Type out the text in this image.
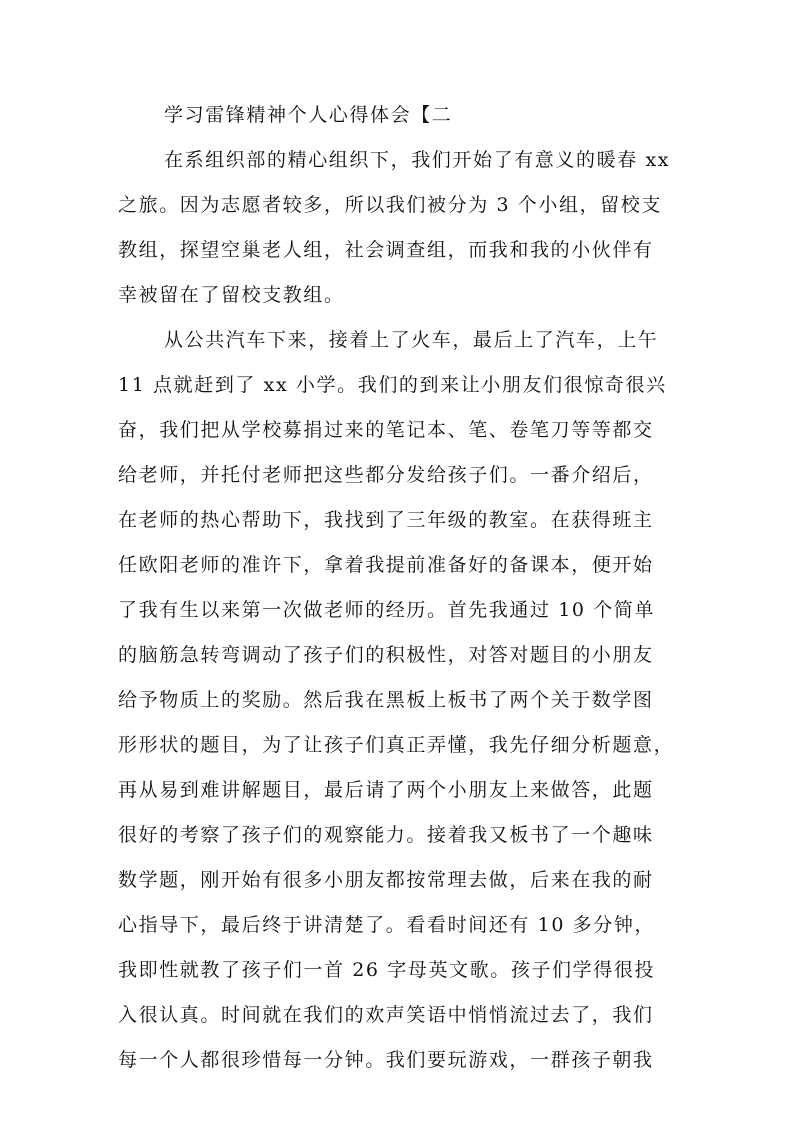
学习雷锋精神个人心得体会【二
在系组织部的精心组织下，我们开始了有意义的暖春 xx
之旅。因为志愿者较多，所以我们被分为 3 个小组，留校支
教组，探望空巢老人组，社会调查组，而我和我的小伙伴有
幸被留在了留校支教组。
从公共汽车下来，接着上了火车，最后上了汽车，上午
11 点就赶到了 xx 小学。我们的到来让小朋友们很惊奇很兴
奋，我们把从学校募捐过来的笔记本、笔、卷笔刀等等都交
给老师，并托付老师把这些都分发给孩子们。一番介绍后，
在老师的热心帮助下，我找到了三年级的教室。在获得班主
任欧阳老师的准许下，拿着我提前准备好的备课本，便开始
了我有生以来第一次做老师的经历。首先我通过 10 个简单
的脑筋急转弯调动了孩子们的积极性，对答对题目的小朋友
给予物质上的奖励。然后我在黑板上板书了两个关于数学图
形形状的题目，为了让孩子们真正弄懂，我先仔细分析题意，
再从易到难讲解题目，最后请了两个小朋友上来做答，此题
很好的考察了孩子们的观察能力。接着我又板书了一个趣味
数学题，刚开始有很多小朋友都按常理去做，后来在我的耐
心指导下，最后终于讲清楚了。看看时间还有 10 多分钟，
我即性就教了孩子们一首 26 字母英文歌。孩子们学得很投
入很认真。时间就在我们的欢声笑语中悄悄流过去了，我们
每一个人都很珍惜每一分钟。我们要玩游戏，一群孩子朝我
